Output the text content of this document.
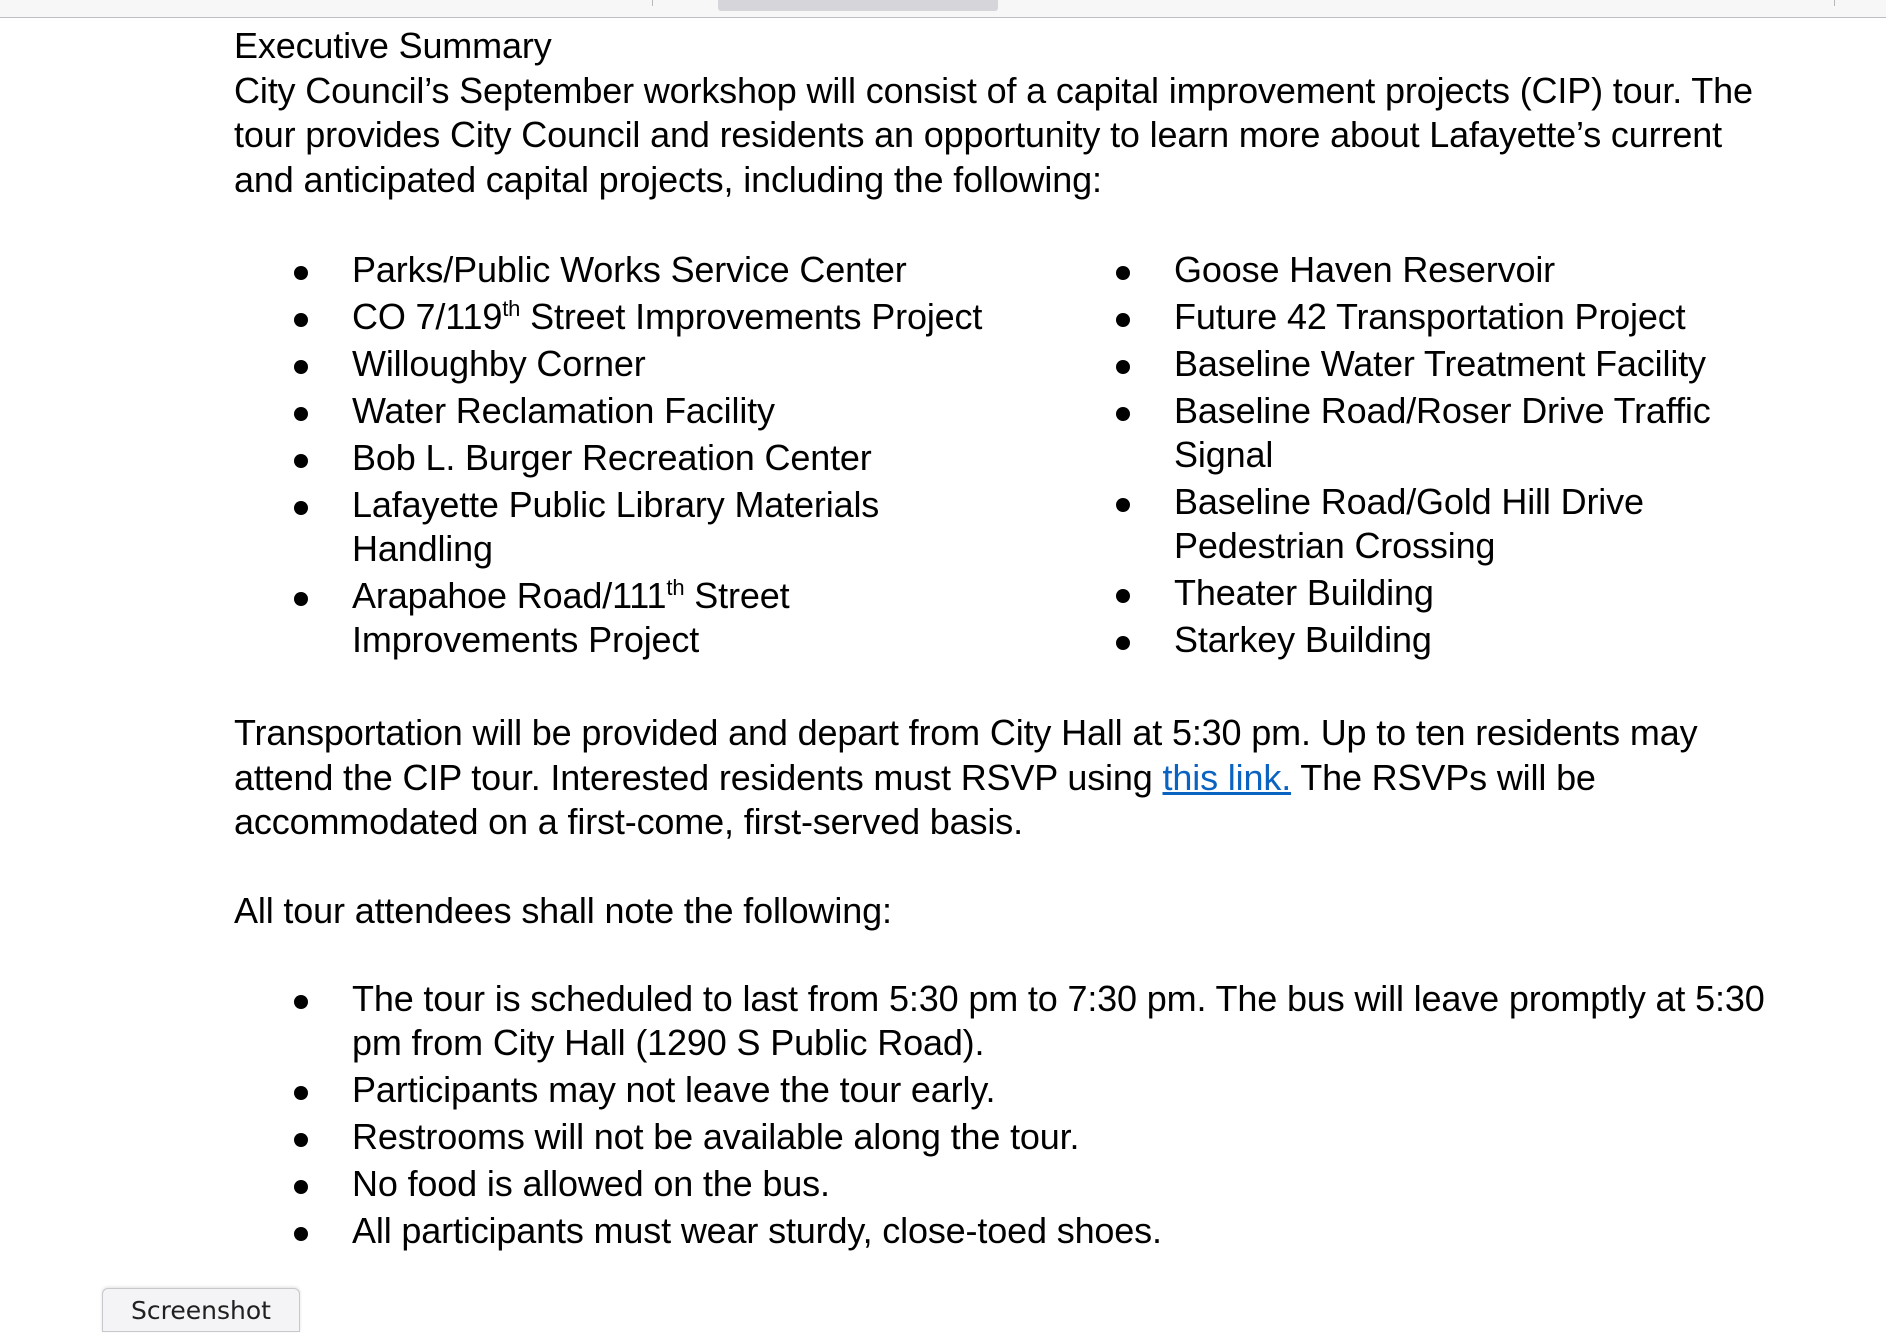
Executive Summary

City Council’s September workshop will consist of a capital improvement projects (CIP) tour. The tour provides City Council and residents an opportunity to learn more about Lafayette’s current and anticipated capital projects, including the following:

Parks/Public Works Service Center
CO 7/119th Street Improvements Project
Willoughby Corner
Water Reclamation Facility
Bob L. Burger Recreation Center
Lafayette Public Library Materials Handling
Arapahoe Road/111th Street Improvements Project
Goose Haven Reservoir
Future 42 Transportation Project
Baseline Water Treatment Facility
Baseline Road/Roser Drive Traffic Signal
Baseline Road/Gold Hill Drive Pedestrian Crossing
Theater Building
Starkey Building

Transportation will be provided and depart from City Hall at 5:30 pm. Up to ten residents may attend the CIP tour. Interested residents must RSVP using this link. The RSVPs will be accommodated on a first-come, first-served basis.

All tour attendees shall note the following:

The tour is scheduled to last from 5:30 pm to 7:30 pm. The bus will leave promptly at 5:30 pm from City Hall (1290 S Public Road).
Participants may not leave the tour early.
Restrooms will not be available along the tour.
No food is allowed on the bus.
All participants must wear sturdy, close-toed shoes.
Screenshot
